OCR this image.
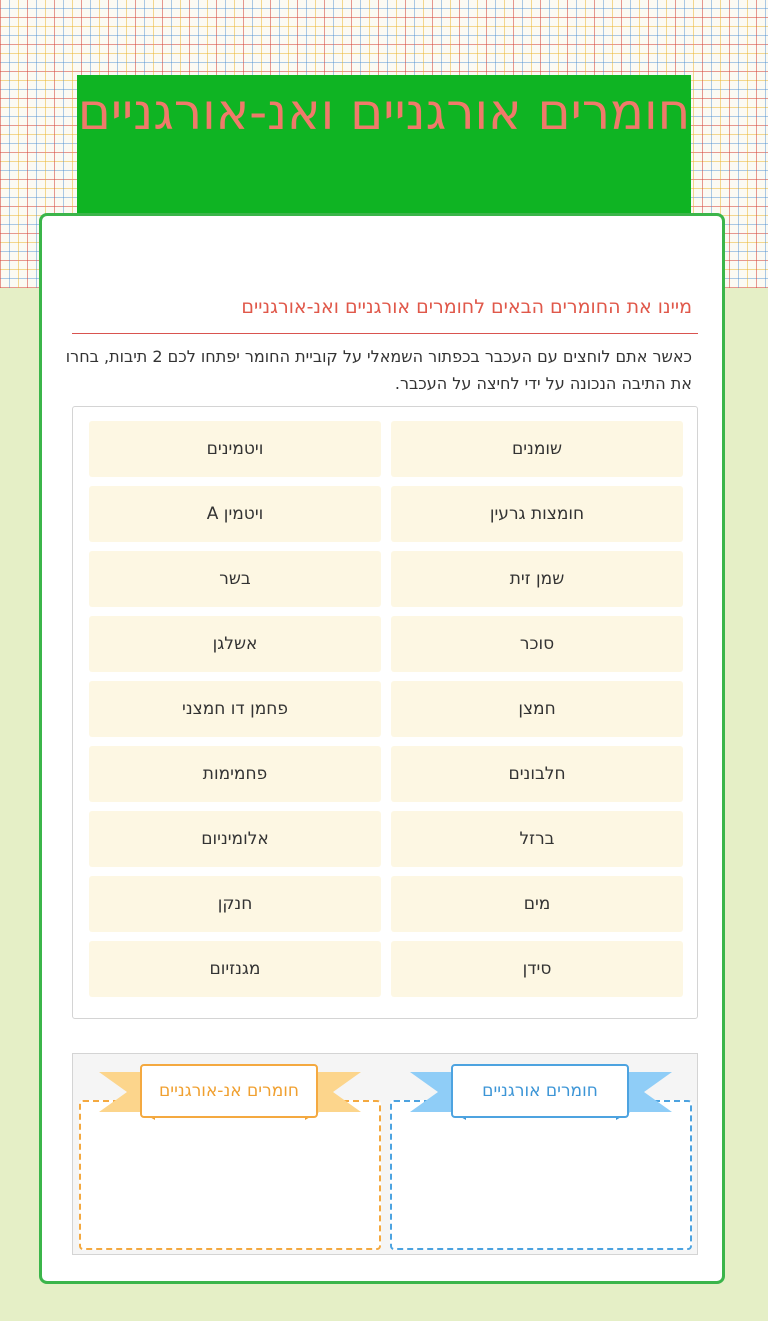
חומרים אורגניים ואנ-אורגניים
מיינו את החומרים הבאים לחומרים אורגניים ואנ-אורגניים
כאשר אתם לוחצים עם העכבר בכפתור השמאלי על קוביית החומר יפתחו לכם 2 תיבות, בחרו את התיבה הנכונה על ידי לחיצה על העכבר.
שומנים
ויטמינים
חומצות גרעין
ויטמין A
שמן זית
בשר
סוכר
אשלגן
חמצן
פחמן דו חמצני
חלבונים
פחמימות
ברזל
אלומיניום
מים
חנקן
סידן
מגנזיום
חומרים אורגניים
חומרים אנ-אורגניים
